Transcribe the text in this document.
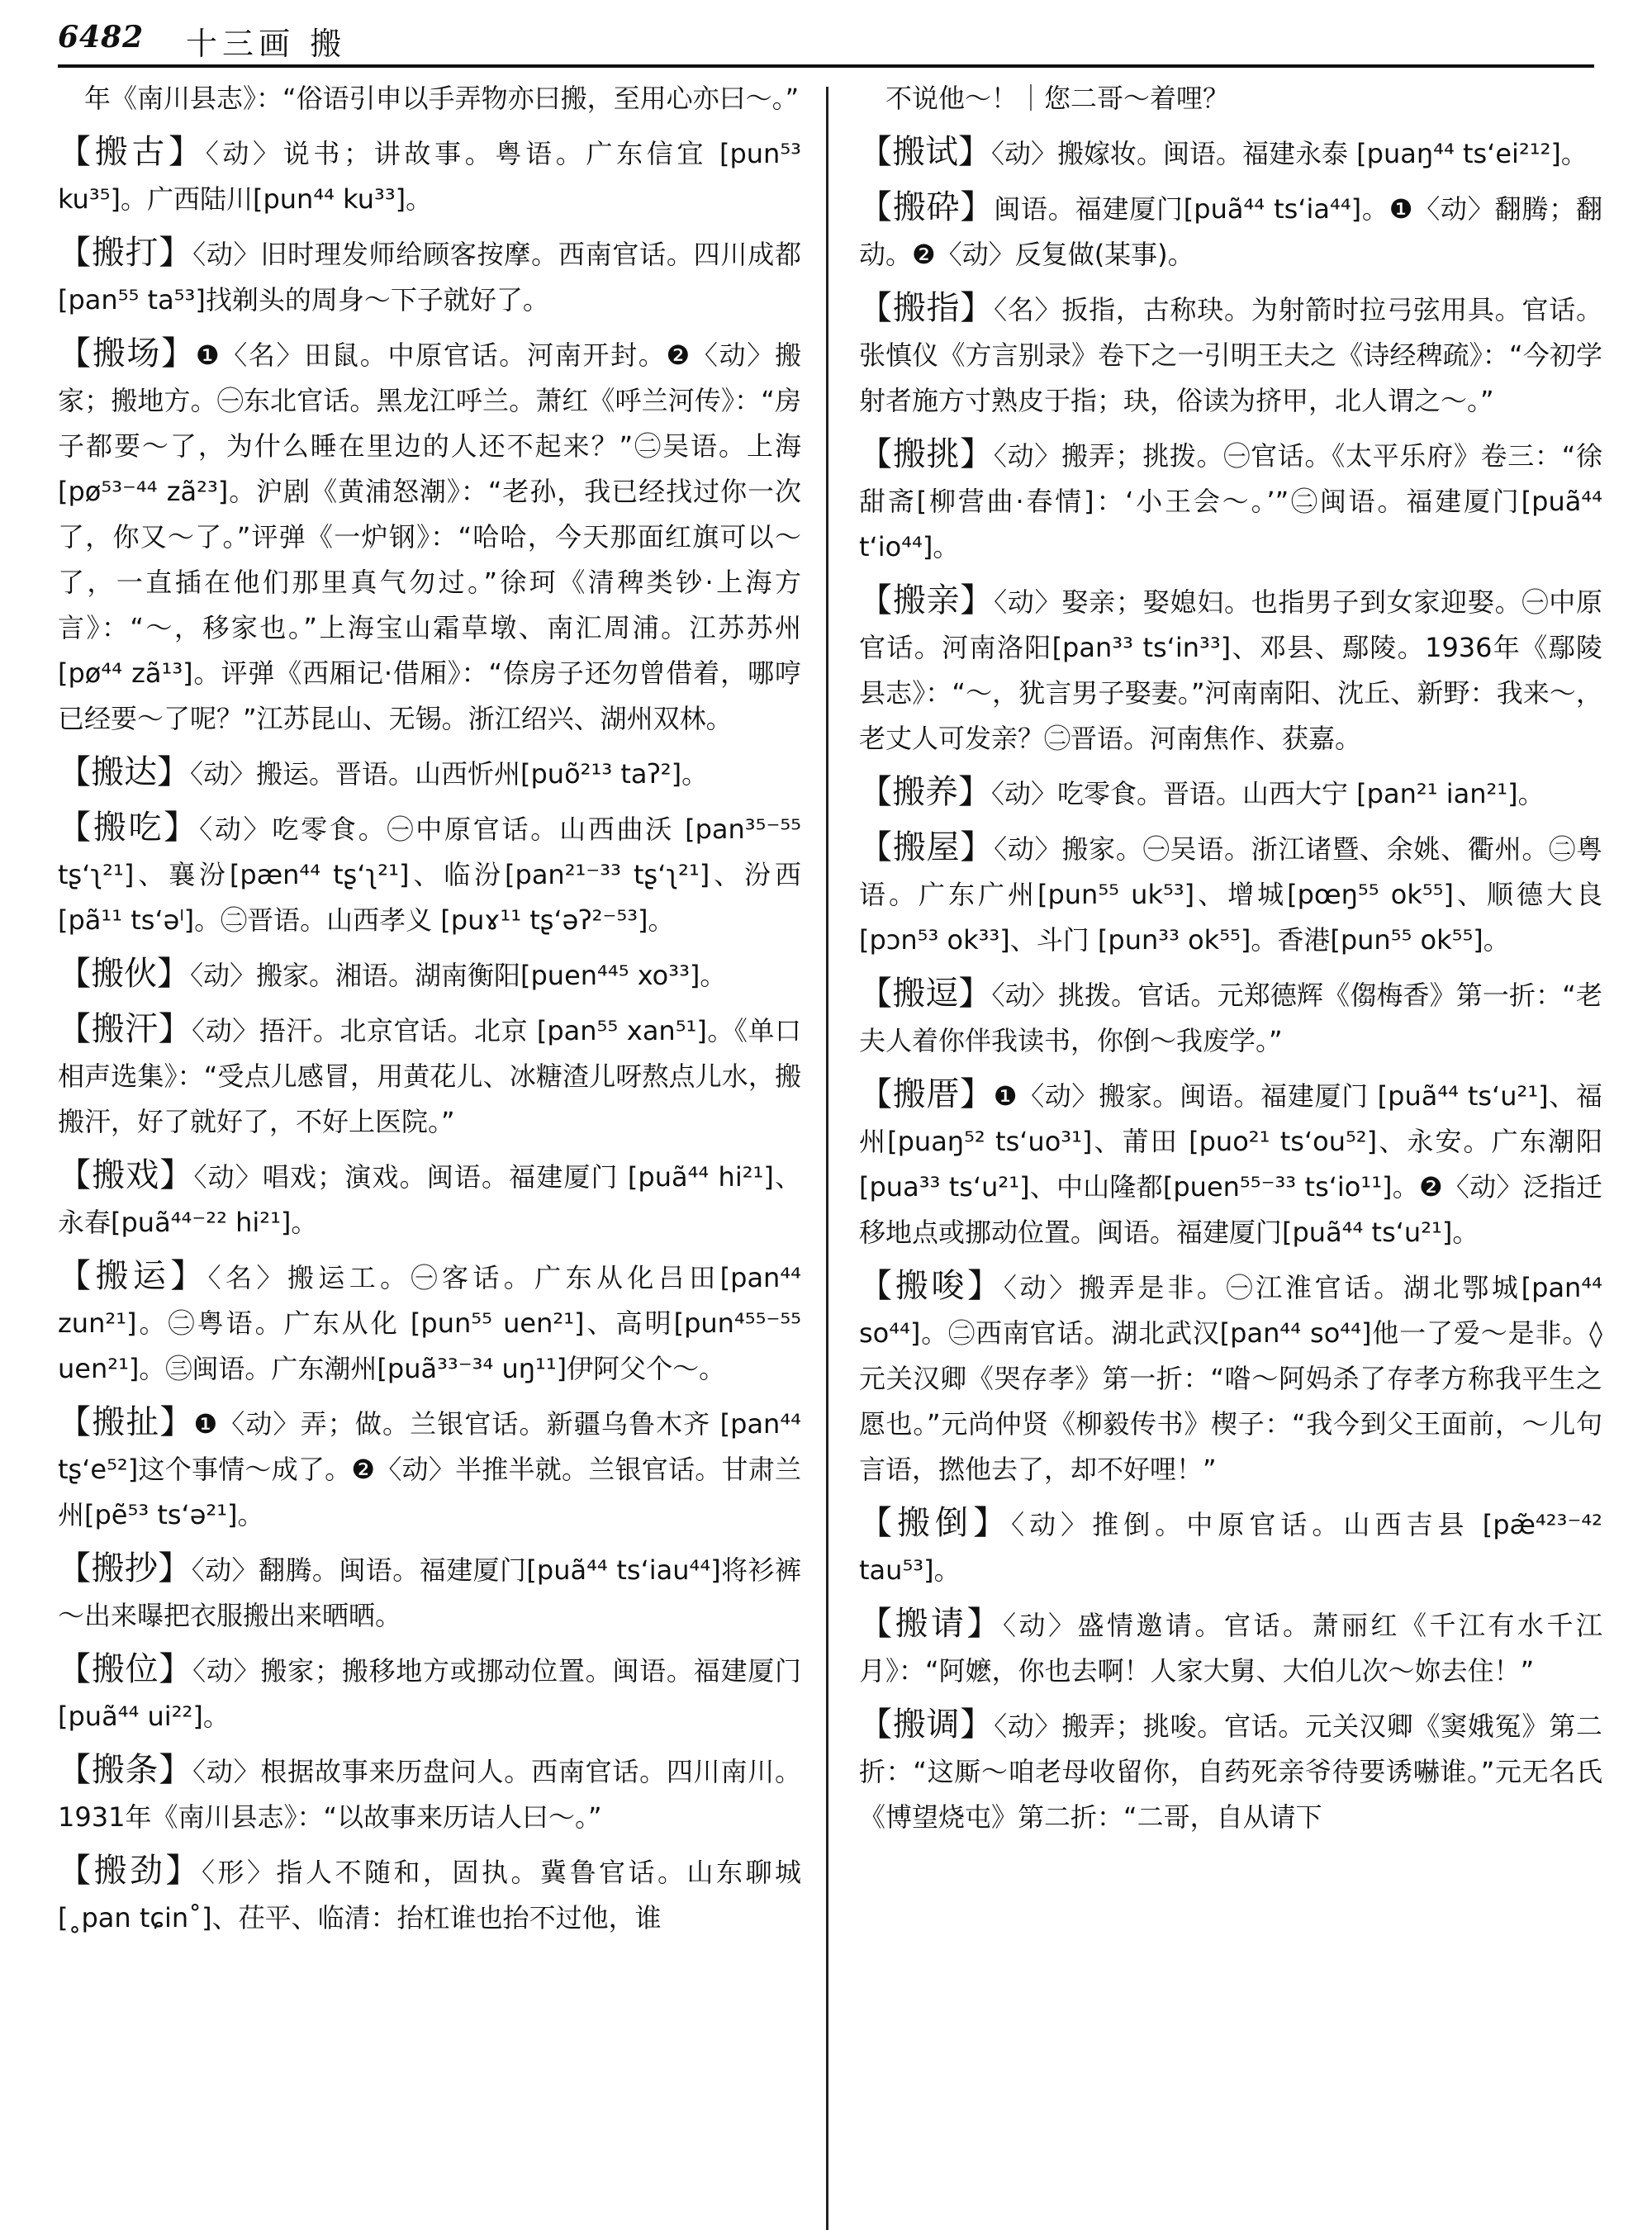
6482 十三画 搬

年《南川县志》：“俗语引申以手弄物亦曰搬，至用心亦曰～。”

【搬古】〈动〉说书；讲故事。粤语。广东信宜 [pun⁵³ ku³⁵]。广西陆川[pun⁴⁴ ku³³]。

【搬打】〈动〉旧时理发师给顾客按摩。西南官话。四川成都[pan⁵⁵ ta⁵³]找剃头的周身～下子就好了。

【搬场】❶〈名〉田鼠。中原官话。河南开封。❷〈动〉搬家；搬地方。㊀东北官话。黑龙江呼兰。萧红《呼兰河传》：“房子都要～了，为什么睡在里边的人还不起来？”㊁吴语。上海[pø⁵³⁻⁴⁴ zã²³]。沪剧《黄浦怒潮》：“老孙，我已经找过你一次了，你又～了。”评弹《一炉钢》：“哈哈，今天那面红旗可以～了，一直插在他们那里真气勿过。”徐珂《清稗类钞·上海方言》：“～，移家也。”上海宝山霜草墩、南汇周浦。江苏苏州[pø⁴⁴ zã¹³]。评弹《西厢记·借厢》：“倷房子还勿曾借着，哪哼已经要～了呢？”江苏昆山、无锡。浙江绍兴、湖州双林。

【搬达】〈动〉搬运。晋语。山西忻州[puõ²¹³ taʔ²]。

【搬吃】〈动〉吃零食。㊀中原官话。山西曲沃 [pan³⁵⁻⁵⁵ tʂʻʅ²¹]、襄汾[pæn⁴⁴ tʂʻʅ²¹]、临汾[pan²¹⁻³³ tʂʻʅ²¹]、汾西 [pã¹¹ tsʻəˡ]。㊁晋语。山西孝义 [puɤ¹¹ tʂʻəʔ²⁻⁵³]。

【搬伙】〈动〉搬家。湘语。湖南衡阳[puen⁴⁴⁵ xo³³]。

【搬汗】〈动〉捂汗。北京官话。北京 [pan⁵⁵ xan⁵¹]。《单口相声选集》：“受点儿感冒，用黄花儿、冰糖渣儿呀熬点儿水，搬搬汗，好了就好了，不好上医院。”

【搬戏】〈动〉唱戏；演戏。闽语。福建厦门 [puã⁴⁴ hi²¹]、永春[puã⁴⁴⁻²² hi²¹]。

【搬运】〈名〉搬运工。㊀客话。广东从化吕田[pan⁴⁴ zun²¹]。㊁粤语。广东从化 [pun⁵⁵ uen²¹]、高明[pun⁴⁵⁵⁻⁵⁵ uen²¹]。㊂闽语。广东潮州[puã³³⁻³⁴ uŋ¹¹]伊阿父个～。

【搬扯】❶〈动〉弄；做。兰银官话。新疆乌鲁木齐 [pan⁴⁴ tʂʻe⁵²]这个事情～成了。❷〈动〉半推半就。兰银官话。甘肃兰州[pẽ⁵³ tsʻə²¹]。

【搬抄】〈动〉翻腾。闽语。福建厦门[puã⁴⁴ tsʻiau⁴⁴]将衫裤～出来曝把衣服搬出来晒晒。

【搬位】〈动〉搬家；搬移地方或挪动位置。闽语。福建厦门[puã⁴⁴ ui²²]。

【搬条】〈动〉根据故事来历盘问人。西南官话。四川南川。1931年《南川县志》：“以故事来历诘人曰～。”

【搬劲】〈形〉指人不随和，固执。冀鲁官话。山东聊城 [˳pan tɕin˚]、茌平、临清：抬杠谁也抬不过他，谁

不说他～！｜您二哥～着哩？

【搬试】〈动〉搬嫁妆。闽语。福建永泰 [puaŋ⁴⁴ tsʻei²¹²]。

【搬砕】闽语。福建厦门[puã⁴⁴ tsʻia⁴⁴]。❶〈动〉翻腾；翻动。❷〈动〉反复做(某事)。

【搬指】〈名〉扳指，古称玦。为射箭时拉弓弦用具。官话。张慎仪《方言别录》卷下之一引明王夫之《诗经稗疏》：“今初学射者施方寸熟皮于指；玦，俗读为挤甲，北人谓之～。”

【搬挑】〈动〉搬弄；挑拨。㊀官话。《太平乐府》卷三：“徐甜斋[柳营曲·春情]：‘小王会～。’”㊁闽语。福建厦门[puã⁴⁴ tʻio⁴⁴]。

【搬亲】〈动〉娶亲；娶媳妇。也指男子到女家迎娶。㊀中原官话。河南洛阳[pan³³ tsʻin³³]、邓县、鄢陵。1936年《鄢陵县志》：“～，犹言男子娶妻。”河南南阳、沈丘、新野：我来～，老丈人可发亲？㊁晋语。河南焦作、获嘉。

【搬养】〈动〉吃零食。晋语。山西大宁 [pan²¹ ian²¹]。

【搬屋】〈动〉搬家。㊀吴语。浙江诸暨、余姚、衢州。㊁粤语。广东广州[pun⁵⁵ uk⁵³]、增城[pœŋ⁵⁵ ok⁵⁵]、顺德大良[pɔn⁵³ ok³³]、斗门 [pun³³ ok⁵⁵]。香港[pun⁵⁵ ok⁵⁵]。

【搬逗】〈动〉挑拨。官话。元郑德辉《㑳梅香》第一折：“老夫人着你伴我读书，你倒～我废学。”

【搬厝】❶〈动〉搬家。闽语。福建厦门 [puã⁴⁴ tsʻu²¹]、福州[puaŋ⁵² tsʻuo³¹]、莆田 [puo²¹ tsʻou⁵²]、永安。广东潮阳 [pua³³ tsʻu²¹]、中山隆都[puen⁵⁵⁻³³ tsʻio¹¹]。❷〈动〉泛指迁移地点或挪动位置。闽语。福建厦门[puã⁴⁴ tsʻu²¹]。

【搬唆】〈动〉搬弄是非。㊀江淮官话。湖北鄂城[pan⁴⁴ so⁴⁴]。㊁西南官话。湖北武汉[pan⁴⁴ so⁴⁴]他一了爱～是非。◊元关汉卿《哭存孝》第一折：“喒～阿妈杀了存孝方称我平生之愿也。”元尚仲贤《柳毅传书》楔子：“我今到父王面前，～儿句言语，撚他去了，却不好哩！”

【搬倒】〈动〉推倒。中原官话。山西吉县 [pæ̃⁴²³⁻⁴² tau⁵³]。

【搬请】〈动〉盛情邀请。官话。萧丽红《千江有水千江月》：“阿嬷，你也去啊！人家大舅、大伯儿次～妳去住！”

【搬调】〈动〉搬弄；挑唆。官话。元关汉卿《窦娥冤》第二折：“这厮～咱老母收留你，自药死亲爷待要诱嚇谁。”元无名氏《博望烧屯》第二折：“二哥，自从请下
